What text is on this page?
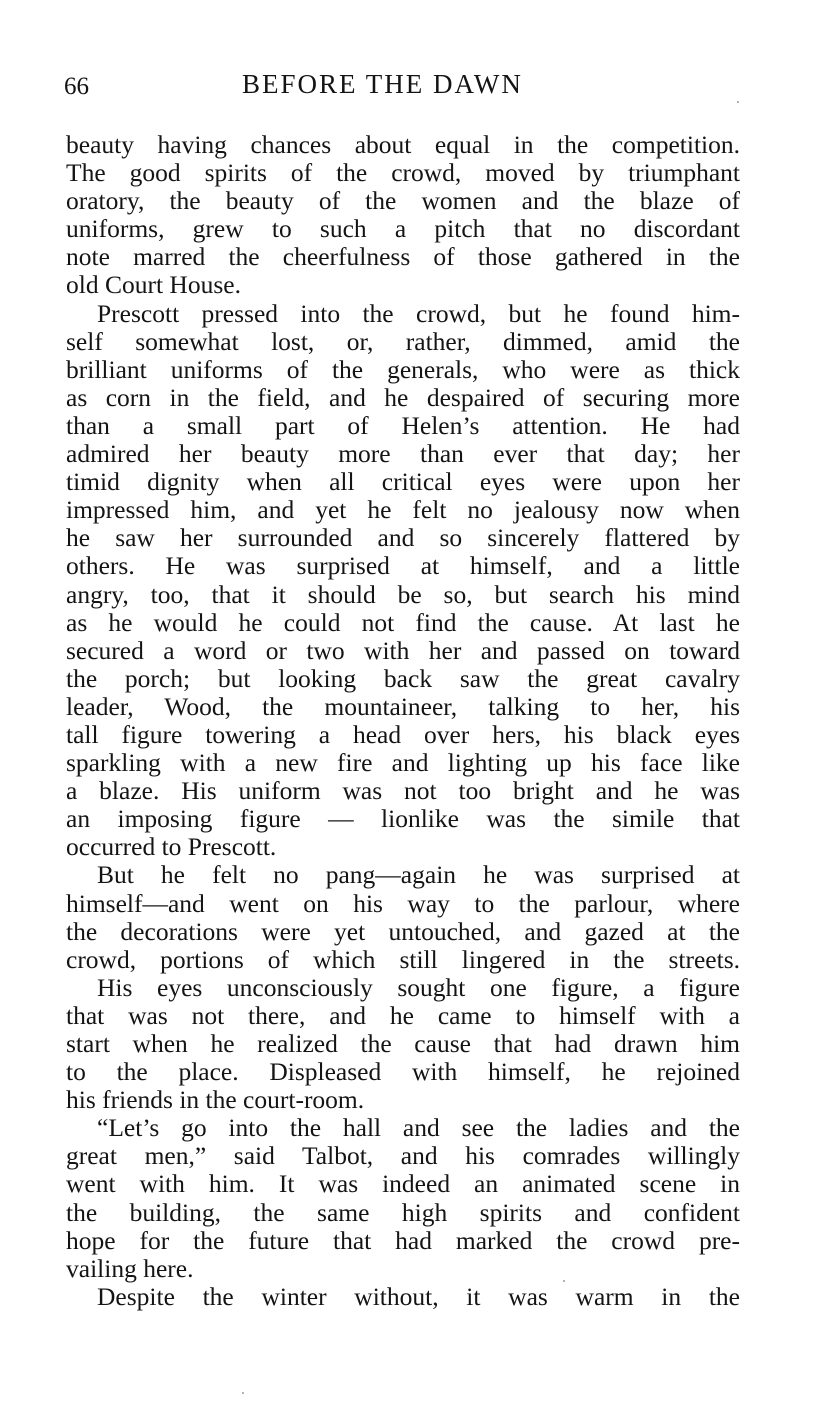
66	BEFORE THE DAWN
beauty having chances about equal in the competition.
The good spirits of the crowd, moved by triumphant
oratory, the beauty of the women and the blaze of
uniforms, grew to such a pitch that no discordant
note marred the cheerfulness of those gathered in the
old Court House.
Prescott pressed into the crowd, but he found him-
self somewhat lost, or, rather, dimmed, amid the
brilliant uniforms of the generals, who were as thick
as corn in the field, and he despaired of securing more
than a small part of Helen’s attention. He had
admired her beauty more than ever that day; her
timid dignity when all critical eyes were upon her
impressed him, and yet he felt no jealousy now when
he saw her surrounded and so sincerely flattered by
others. He was surprised at himself, and a little
angry, too, that it should be so, but search his mind
as he would he could not find the cause. At last he
secured a word or two with her and passed on toward
the porch; but looking back saw the great cavalry
leader, Wood, the mountaineer, talking to her, his
tall figure towering a head over hers, his black eyes
sparkling with a new fire and lighting up his face like
a blaze. His uniform was not too bright and he was
an imposing figure — lionlike was the simile that
occurred to Prescott.
But he felt no pang—again he was surprised at
himself—and went on his way to the parlour, where
the decorations were yet untouched, and gazed at the
crowd, portions of which still lingered in the streets.
His eyes unconsciously sought one figure, a figure
that was not there, and he came to himself with a
start when he realized the cause that had drawn him
to the place. Displeased with himself, he rejoined
his friends in the court-room.
“Let’s go into the hall and see the ladies and the
great men,” said Talbot, and his comrades willingly
went with him. It was indeed an animated scene in
the building, the same high spirits and confident
hope for the future that had marked the crowd pre-
vailing here.
Despite the winter without, it was warm in the
